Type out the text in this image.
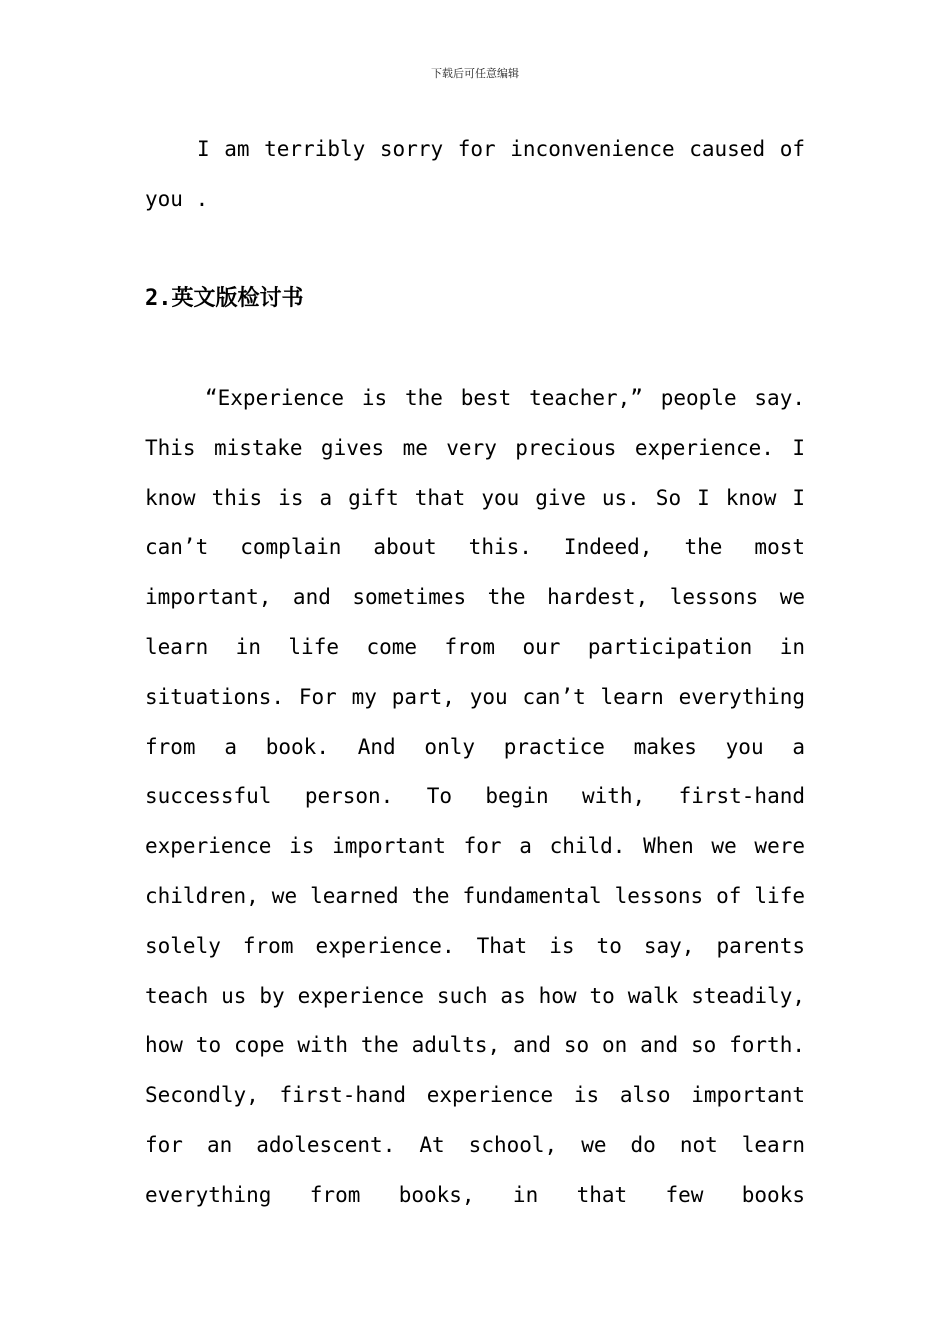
下载后可任意编辑

I am terribly sorry for inconvenience caused of you .

2.英文版检讨书

“Experience is the best teacher,” people say. This mistake gives me very precious experience. I know this is a gift that you give us. So I know I can’t complain about this. Indeed, the most important, and sometimes the hardest, lessons we learn in life come from our participation in situations. For my part, you can’t learn everything from a book. And only practice makes you a successful person. To begin with, first-hand experience is important for a child. When we were children, we learned the fundamental lessons of life solely from experience. That is to say, parents teach us by experience such as how to walk steadily, how to cope with the adults, and so on and so forth. Secondly, first-hand experience is also important for an adolescent. At school, we do not learn everything from books, in that few books
